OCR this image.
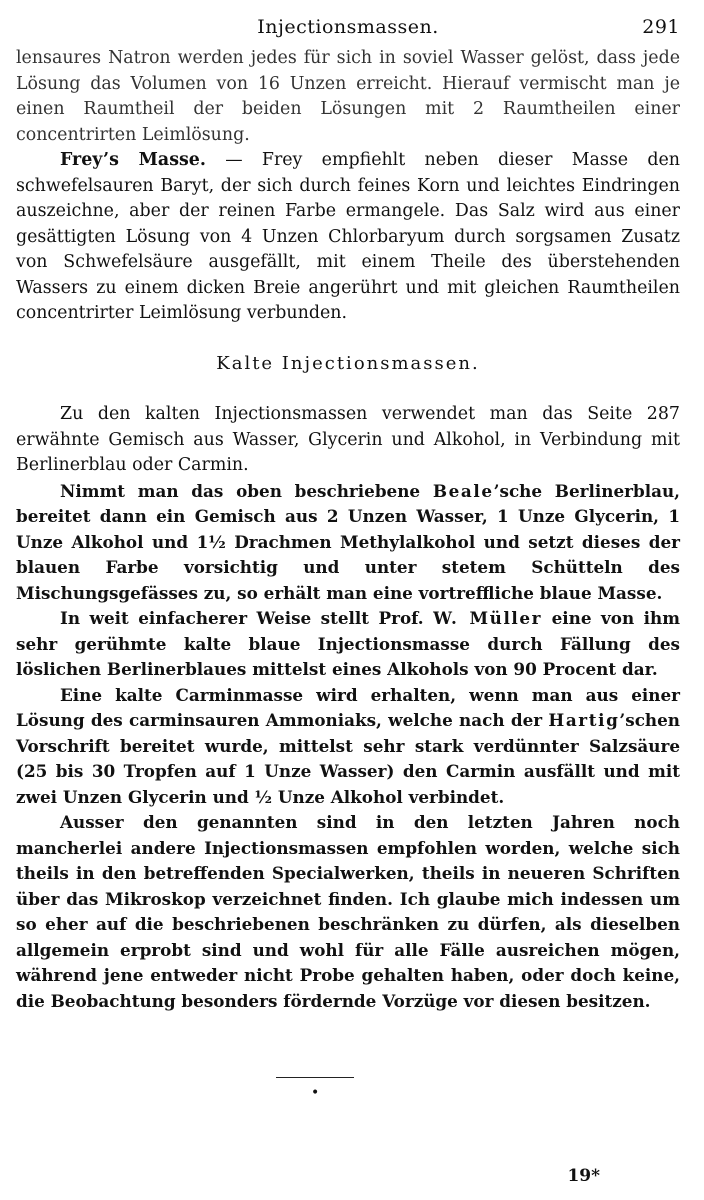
Injectionsmassen.	291

lensaures Natron werden jedes für sich in soviel Wasser gelöst, dass jede Lösung das Volumen von 16 Unzen erreicht. Hierauf vermischt man je einen Raumtheil der beiden Lösungen mit 2 Raumtheilen einer concentrirten Leimlösung.

Frey’s Masse. — Frey empfiehlt neben dieser Masse den schwefelsauren Baryt, der sich durch feines Korn und leichtes Eindringen auszeichne, aber der reinen Farbe ermangele. Das Salz wird aus einer gesättigten Lösung von 4 Unzen Chlorbaryum durch sorgsamen Zusatz von Schwefelsäure ausgefällt, mit einem Theile des überstehenden Wassers zu einem dicken Breie angerührt und mit gleichen Raumtheilen concentrirter Leimlösung verbunden.

Kalte Injectionsmassen.

Zu den kalten Injectionsmassen verwendet man das Seite 287 erwähnte Gemisch aus Wasser, Glycerin und Alkohol, in Verbindung mit Berlinerblau oder Carmin.

Nimmt man das oben beschriebene Beale’sche Berlinerblau, bereitet dann ein Gemisch aus 2 Unzen Wasser, 1 Unze Glycerin, 1 Unze Alkohol und 1½ Drachmen Methylalkohol und setzt dieses der blauen Farbe vorsichtig und unter stetem Schütteln des Mischungsgefässes zu, so erhält man eine vortreffliche blaue Masse.

In weit einfacherer Weise stellt Prof. W. Müller eine von ihm sehr gerühmte kalte blaue Injectionsmasse durch Fällung des löslichen Berlinerblaues mittelst eines Alkohols von 90 Procent dar.

Eine kalte Carminmasse wird erhalten, wenn man aus einer Lösung des carminsauren Ammoniaks, welche nach der Hartig’schen Vorschrift bereitet wurde, mittelst sehr stark verdünnter Salzsäure (25 bis 30 Tropfen auf 1 Unze Wasser) den Carmin ausfällt und mit zwei Unzen Glycerin und ½ Unze Alkohol verbindet.

Ausser den genannten sind in den letzten Jahren noch mancherlei andere Injectionsmassen empfohlen worden, welche sich theils in den betreffenden Specialwerken, theils in neueren Schriften über das Mikroskop verzeichnet finden. Ich glaube mich indessen um so eher auf die beschriebenen beschränken zu dürfen, als dieselben allgemein erprobt sind und wohl für alle Fälle ausreichen mögen, während jene entweder nicht Probe gehalten haben, oder doch keine, die Beobachtung besonders fördernde Vorzüge vor diesen besitzen.

•
19*
